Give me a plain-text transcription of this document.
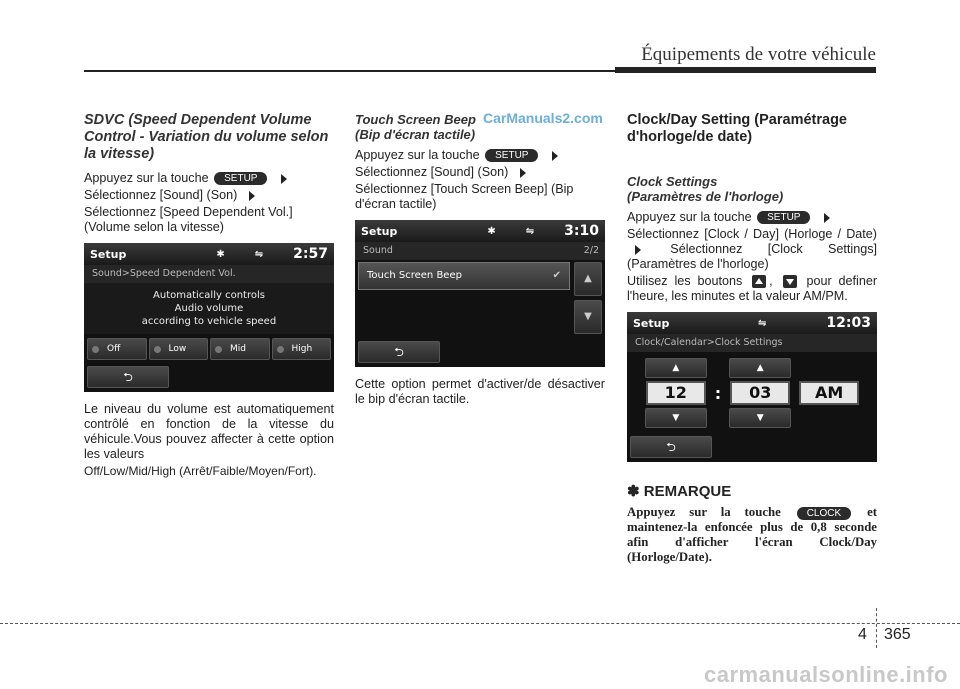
Équipements de votre véhicule
CarManuals2.com
SDVC (Speed Dependent Volume Control - Variation du volume selon la vitesse)
Appuyez sur la touche SETUP
Sélectionnez [Sound] (Son)
Sélectionnez [Speed Dependent Vol.] (Volume selon la vitesse)
Setup	✱	⇋ 2:57
Sound>Speed Dependent Vol.
Automatically controls
Audio volume
according to vehicle speed
Off	Low	Mid	High
⮌
Le niveau du volume est automatiquement contrôlé en fonction de la vitesse du véhicule.Vous pouvez affecter à cette option les valeurs
Off/Low/Mid/High (Arrêt/Faible/Moyen/Fort).
Touch Screen Beep
(Bip d'écran tactile)
Appuyez sur la touche SETUP
Sélectionnez [Sound] (Son)
Sélectionnez [Touch Screen Beep] (Bip d'écran tactile)
Setup	✱	⇋ 3:10
Sound	2/2
Touch Screen Beep	✔	▲
▼
⮌
Cette option permet d'activer/de désactiver le bip d'écran tactile.
Clock/Day Setting (Paramétrage d'horloge/de date)
Clock Settings
(Paramètres de l'horloge)
Appuyez sur la touche SETUP
Sélectionnez [Clock / Day] (Horloge / Date)  Sélectionnez [Clock Settings] (Paramètres de l'horloge)
Utilisez les boutons ,	pour definer l'heure, les minutes et la valeur AM/PM.
Setup	⇋	12:03
Clock/Calendar>Clock Settings
▲
12
▼
:
▲
03
▼
AM
⮌
✽ REMARQUE
Appuyez sur la touche	CLOCK et maintenez-la enfoncée plus de 0,8 seconde afin d'afficher l'écran Clock/Day (Horloge/Date).
4 365
carmanualsonline.info
